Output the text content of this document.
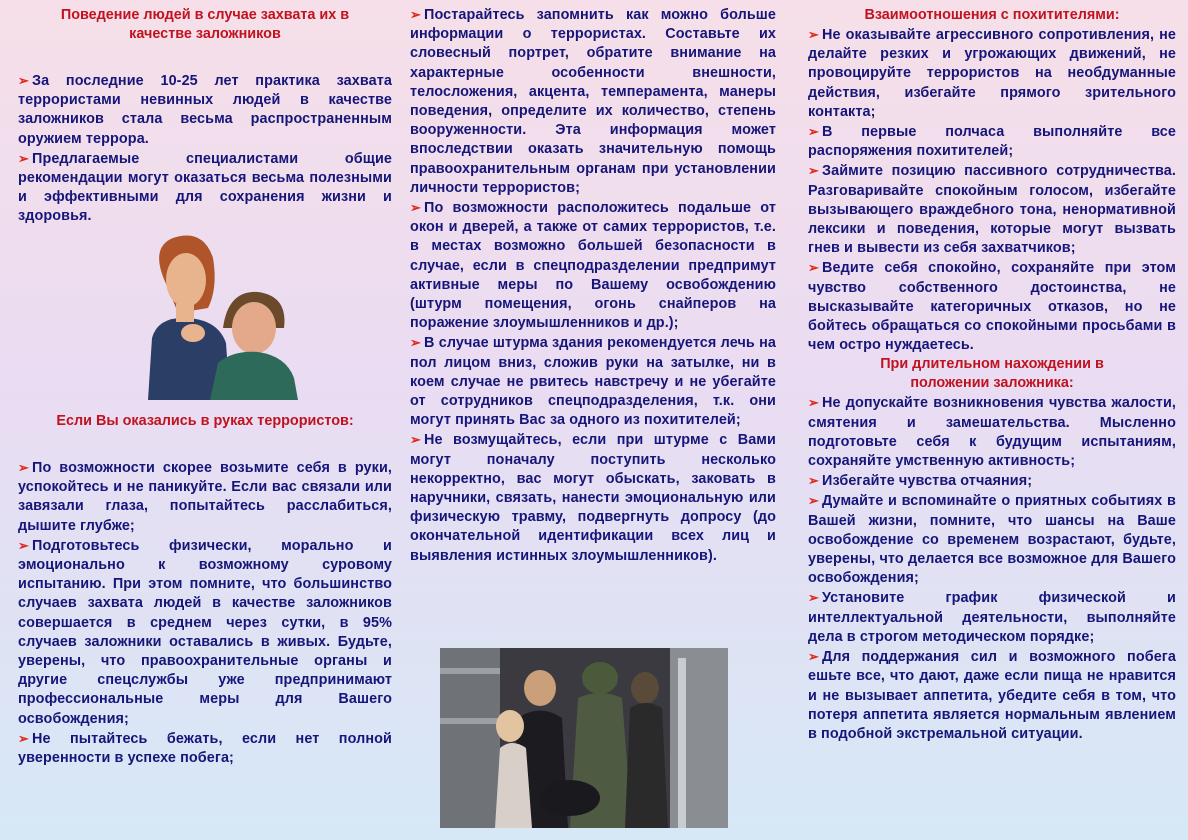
Поведение людей в случае захвата их в качестве заложников

➢ За последние 10-25 лет практика захвата террористами невинных людей в качестве заложников стала весьма распространенным оружием террора.

➢ Предлагаемые специалистами общие рекомендации могут оказаться весьма полезными и эффективными для сохранения жизни и здоровья.

Если Вы оказались в руках террористов:

➢ По возможности скорее возьмите себя в руки, успокойтесь и не паникуйте. Если вас связали или завязали глаза, попытайтесь расслабиться, дышите глубже;

➢ Подготовьтесь физически, морально и эмоционально к возможному суровому испытанию. При этом помните, что большинство случаев захвата людей в качестве заложников совершается в среднем через сутки, в 95% случаев заложники оставались в живых. Будьте, уверены, что правоохранительные органы и другие спецслужбы уже предпринимают профессиональные меры для Вашего освобождения;

➢ Не пытайтесь бежать, если нет полной уверенности в успехе побега;

➢ Постарайтесь запомнить как можно больше информации о террористах. Составьте их словесный портрет, обратите внимание на характерные особенности внешности, телосложения, акцента, темперамента, манеры поведения, определите их количество, степень вооруженности. Эта информация может впоследствии оказать значительную помощь правоохранительным органам при установлении личности террористов;

➢ По возможности расположитесь подальше от окон и дверей, а также от самих террористов, т.е. в местах возможно большей безопасности в случае, если в спецподразделении предпримут активные меры по Вашему освобождению (штурм помещения, огонь снайперов на поражение злоумышленников и др.);

➢ В случае штурма здания рекомендуется лечь на пол лицом вниз, сложив руки на затылке, ни в коем случае не рвитесь навстречу и не убегайте от сотрудников спецподразделения, т.к. они могут принять Вас за одного из похитителей;

➢ Не возмущайтесь, если при штурме с Вами могут поначалу поступить несколько некорректно, вас могут обыскать, заковать в наручники, связать, нанести эмоциональную или физическую травму, подвергнуть допросу (до окончательной идентификации всех лиц и выявления истинных злоумышленников).

Взаимоотношения с похитителями:

➢ Не оказывайте агрессивного сопротивления, не делайте резких и угрожающих движений, не провоцируйте террористов на необдуманные действия, избегайте прямого зрительного контакта;

➢ В первые полчаса выполняйте все распоряжения похитителей;

➢ Займите позицию пассивного сотрудничества. Разговаривайте спокойным голосом, избегайте вызывающего враждебного тона, ненормативной лексики и поведения, которые могут вызвать гнев и вывести из себя захватчиков;

➢ Ведите себя спокойно, сохраняйте при этом чувство собственного достоинства, не высказывайте категоричных отказов, но не бойтесь обращаться со спокойными просьбами в чем остро нуждаетесь.

При длительном нахождении в положении заложника:

➢ Не допускайте возникновения чувства жалости, смятения и замешательства. Мысленно подготовьте себя к будущим испытаниям, сохраняйте умственную активность;

➢ Избегайте чувства отчаяния;

➢ Думайте и вспоминайте о приятных событиях в Вашей жизни, помните, что шансы на Ваше освобождение со временем возрастают, будьте, уверены, что делается все возможное для Вашего освобождения;

➢ Установите график физической и интеллектуальной деятельности, выполняйте дела в строгом методическом порядке;

➢ Для поддержания сил и возможного побега ешьте все, что дают, даже если пища не нравится и не вызывает аппетита, убедите себя в том, что потеря аппетита является нормальным явлением в подобной экстремальной ситуации.
